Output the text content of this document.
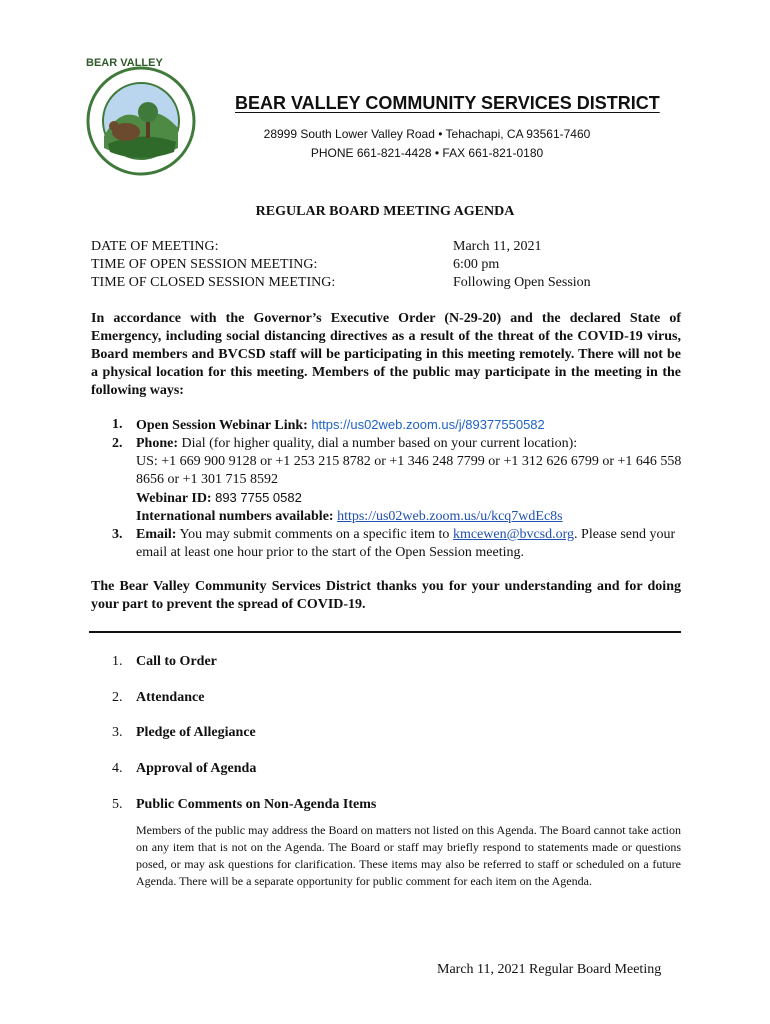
BEAR VALLEY
BEAR VALLEY COMMUNITY SERVICES DISTRICT
28999 South Lower Valley Road • Tehachapi, CA 93561-7460
PHONE 661-821-4428 • FAX 661-821-0180
REGULAR BOARD MEETING AGENDA
DATE OF MEETING:
TIME OF OPEN SESSION MEETING:
TIME OF CLOSED SESSION MEETING:
March 11, 2021
6:00 pm
Following Open Session

In accordance with the Governor’s Executive Order (N-29-20) and the declared State of Emergency, including social distancing directives as a result of the threat of the COVID-19 virus, Board members and BVCSD staff will be participating in this meeting remotely. There will not be a physical location for this meeting. Members of the public may participate in the meeting in the following ways:

1. Open Session Webinar Link: https://us02web.zoom.us/j/89377550582
2. Phone: Dial (for higher quality, dial a number based on your current location):
US: +1 669 900 9128 or +1 253 215 8782 or +1 346 248 7799 or +1 312 626 6799 or +1 646 558 8656 or +1 301 715 8592
Webinar ID: 893 7755 0582
International numbers available: https://us02web.zoom.us/u/kcq7wdEc8s
3. Email: You may submit comments on a specific item to kmcewen@bvcsd.org. Please send your email at least one hour prior to the start of the Open Session meeting.

The Bear Valley Community Services District thanks you for your understanding and for doing your part to prevent the spread of COVID-19.

1. Call to Order
2. Attendance
3. Pledge of Allegiance
4. Approval of Agenda
5. Public Comments on Non-Agenda Items

Members of the public may address the Board on matters not listed on this Agenda. The Board cannot take action on any item that is not on the Agenda. The Board or staff may briefly respond to statements made or questions posed, or may ask questions for clarification. These items may also be referred to staff or scheduled on a future Agenda. There will be a separate opportunity for public comment for each item on the Agenda.

March 11, 2021 Regular Board Meeting
